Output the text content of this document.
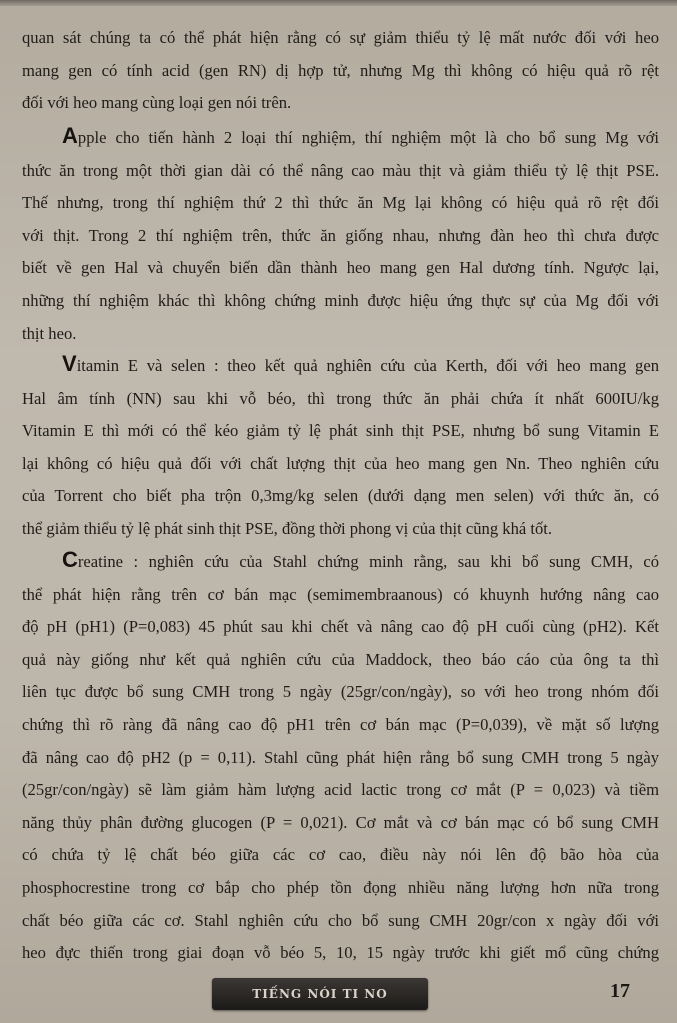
quan sát chúng ta có thể phát hiện rằng có sự giảm thiểu tỷ lệ mất nước đối với heo
mang gen có tính acid (gen RN) dị hợp tử, nhưng Mg thì không có hiệu quả rõ rệt
đối với heo mang cùng loại gen nói trên.

Apple cho tiến hành 2 loại thí nghiệm, thí nghiệm một là cho bổ sung Mg với
thức ăn trong một thời gian dài có thể nâng cao màu thịt và giảm thiểu tỷ lệ thịt PSE.
Thế nhưng, trong thí nghiệm thứ 2 thì thức ăn Mg lại không có hiệu quả rõ rệt đối
với thịt. Trong 2 thí nghiệm trên, thức ăn giống nhau, nhưng đàn heo thì chưa được
biết về gen Hal và chuyển biến dần thành heo mang gen Hal dương tính. Ngược lại,
những thí nghiệm khác thì không chứng minh được hiệu ứng thực sự của Mg đối với
thịt heo.

Vitamin E và selen : theo kết quả nghiên cứu của Kerth, đối với heo mang gen
Hal âm tính (NN) sau khi vỗ béo, thì trong thức ăn phải chứa ít nhất 600IU/kg
Vitamin E thì mới có thể kéo giảm tỷ lệ phát sinh thịt PSE, nhưng bổ sung Vitamin E
lại không có hiệu quả đối với chất lượng thịt của heo mang gen Nn. Theo nghiên cứu
của Torrent cho biết pha trộn 0,3mg/kg selen (dưới dạng men selen) với thức ăn, có
thể giảm thiểu tỷ lệ phát sinh thịt PSE, đồng thời phong vị của thịt cũng khá tốt.

Creatine : nghiên cứu của Stahl chứng minh rằng, sau khi bổ sung CMH, có
thể phát hiện rằng trên cơ bán mạc (semimembraanous) có khuynh hướng nâng cao
độ pH (pH1) (P=0,083) 45 phút sau khi chết và nâng cao độ pH cuối cùng (pH2). Kết
quả này giống như kết quả nghiên cứu của Maddock, theo báo cáo của ông ta thì
liên tục được bổ sung CMH trong 5 ngày (25gr/con/ngày), so với heo trong nhóm đối
chứng thì rõ ràng đã nâng cao độ pH1 trên cơ bán mạc (P=0,039), về mặt số lượng
đã nâng cao độ pH2 (p = 0,11). Stahl cũng phát hiện rằng bổ sung CMH trong 5 ngày
(25gr/con/ngày) sẽ làm giảm hàm lượng acid lactic trong cơ mắt (P = 0,023) và tiềm
năng thủy phân đường glucogen (P = 0,021). Cơ mắt và cơ bán mạc có bổ sung CMH
có chứa tỷ lệ chất béo giữa các cơ cao, điều này nói lên độ bão hòa của
phosphocrestine trong cơ bắp cho phép tồn đọng nhiều năng lượng hơn nữa trong
chất béo giữa các cơ. Stahl nghiên cứu cho bổ sung CMH 20gr/con x ngày đối với
heo đực thiến trong giai đoạn vỗ béo 5, 10, 15 ngày trước khi giết mổ cũng chứng

TIẾNG NÓI TI NO	17
